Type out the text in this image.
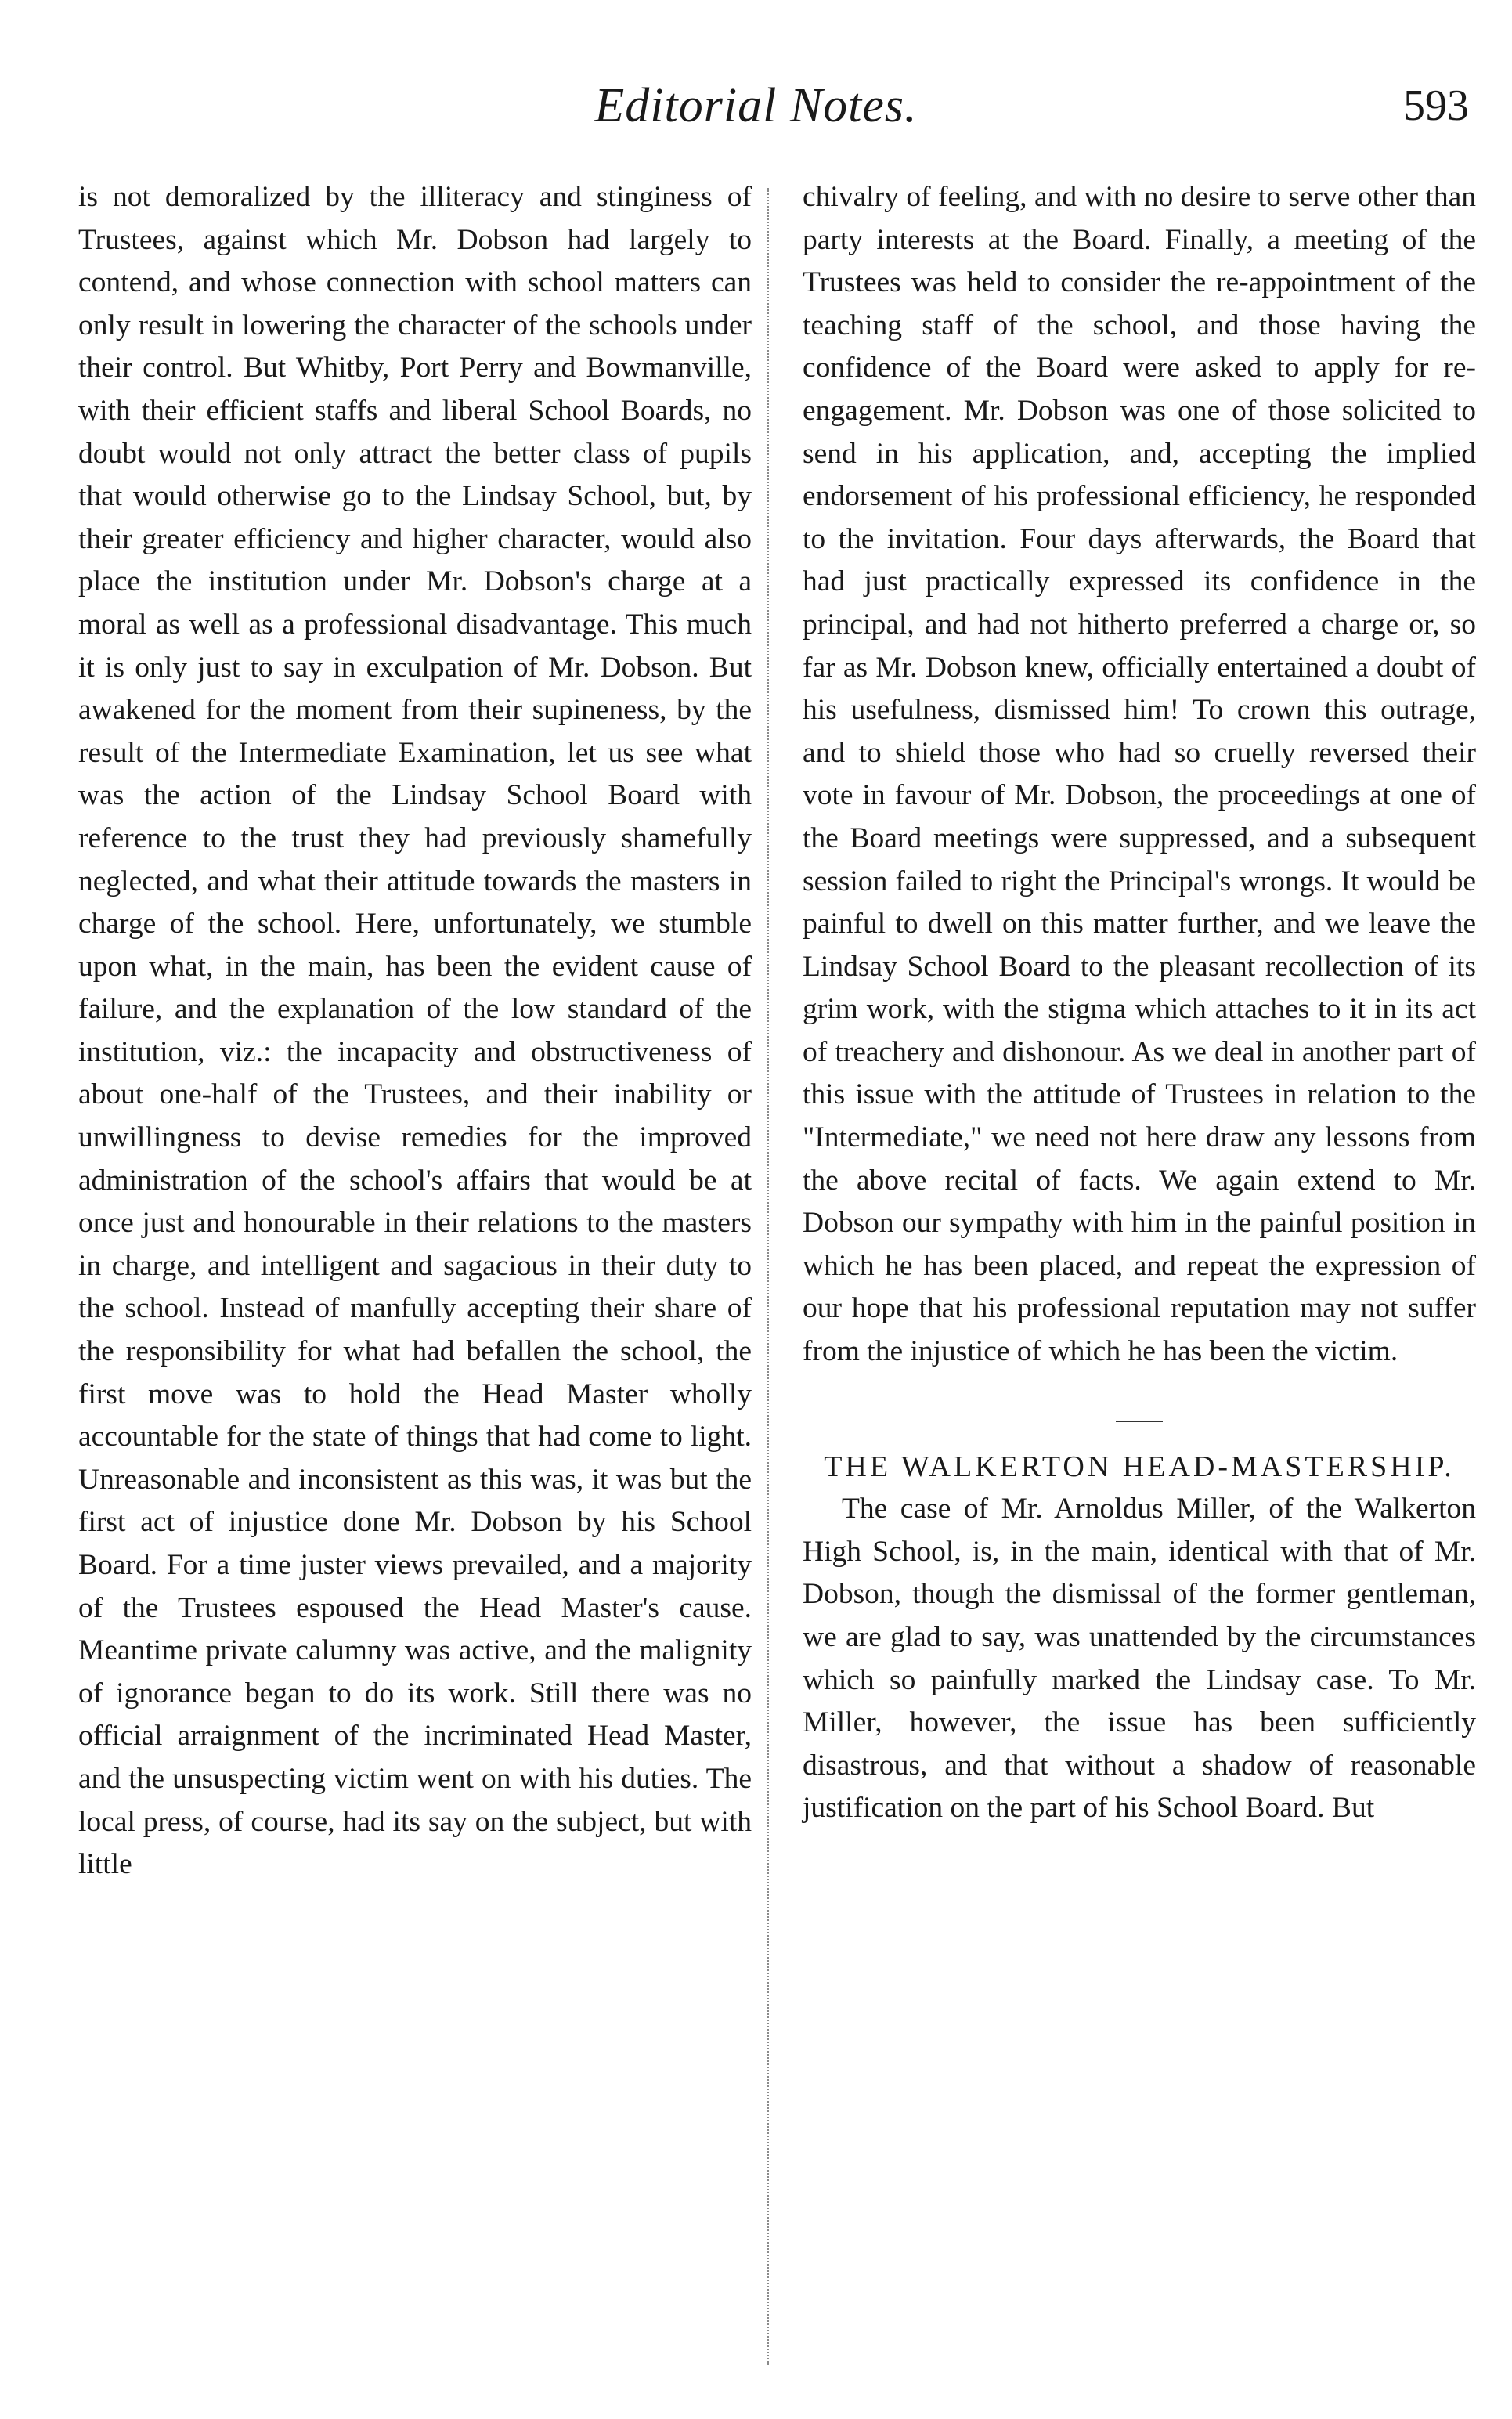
Editorial Notes.	593

is not demoralized by the illiteracy and stinginess of Trustees, against which Mr. Dobson had largely to contend, and whose connection with school matters can only result in lowering the character of the schools under their control. But Whitby, Port Perry and Bowmanville, with their efficient staffs and liberal School Boards, no doubt would not only attract the better class of pupils that would otherwise go to the Lindsay School, but, by their greater efficiency and higher character, would also place the institution under Mr. Dobson's charge at a moral as well as a professional disadvantage. This much it is only just to say in exculpation of Mr. Dobson. But awakened for the moment from their supineness, by the result of the Intermediate Examination, let us see what was the action of the Lindsay School Board with reference to the trust they had previously shamefully neglected, and what their attitude towards the masters in charge of the school. Here, unfortunately, we stumble upon what, in the main, has been the evident cause of failure, and the explanation of the low standard of the institution, viz.: the incapacity and obstructiveness of about one-half of the Trustees, and their inability or unwillingness to devise remedies for the improved administration of the school's affairs that would be at once just and honourable in their relations to the masters in charge, and intelligent and sagacious in their duty to the school. Instead of manfully accepting their share of the responsibility for what had befallen the school, the first move was to hold the Head Master wholly accountable for the state of things that had come to light. Unreasonable and inconsistent as this was, it was but the first act of injustice done Mr. Dobson by his School Board. For a time juster views prevailed, and a majority of the Trustees espoused the Head Master's cause. Meantime private calumny was active, and the malignity of ignorance began to do its work. Still there was no official arraignment of the incriminated Head Master, and the unsuspecting victim went on with his duties. The local press, of course, had its say on the subject, but with little

chivalry of feeling, and with no desire to serve other than party interests at the Board. Finally, a meeting of the Trustees was held to consider the re-appointment of the teaching staff of the school, and those having the confidence of the Board were asked to apply for re-engagement. Mr. Dobson was one of those solicited to send in his application, and, accepting the implied endorsement of his professional efficiency, he responded to the invitation. Four days afterwards, the Board that had just practically expressed its confidence in the principal, and had not hitherto preferred a charge or, so far as Mr. Dobson knew, officially entertained a doubt of his usefulness, dismissed him! To crown this outrage, and to shield those who had so cruelly reversed their vote in favour of Mr. Dobson, the proceedings at one of the Board meetings were suppressed, and a subsequent session failed to right the Principal's wrongs. It would be painful to dwell on this matter further, and we leave the Lindsay School Board to the pleasant recollection of its grim work, with the stigma which attaches to it in its act of treachery and dishonour. As we deal in another part of this issue with the attitude of Trustees in relation to the "Intermediate," we need not here draw any lessons from the above recital of facts. We again extend to Mr. Dobson our sympathy with him in the painful position in which he has been placed, and repeat the expression of our hope that his professional reputation may not suffer from the injustice of which he has been the victim.

THE WALKERTON HEAD-MASTERSHIP.

The case of Mr. Arnoldus Miller, of the Walkerton High School, is, in the main, identical with that of Mr. Dobson, though the dismissal of the former gentleman, we are glad to say, was unattended by the circumstances which so painfully marked the Lindsay case. To Mr. Miller, however, the issue has been sufficiently disastrous, and that without a shadow of reasonable justification on the part of his School Board. But
